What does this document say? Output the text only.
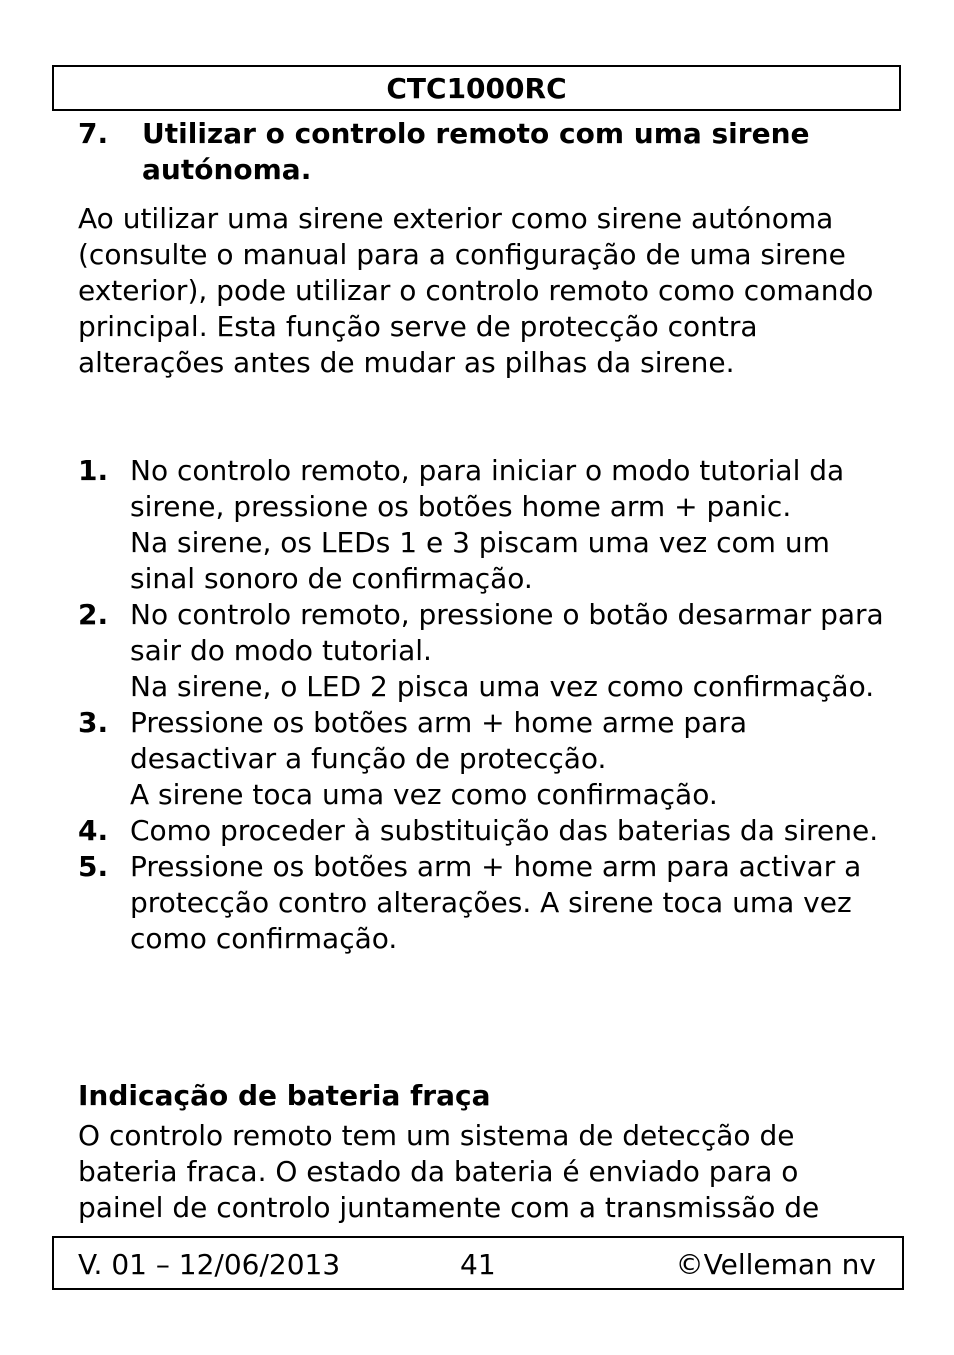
CTC1000RC
7. Utilizar o controlo remoto com uma sirene autónoma.

Ao utilizar uma sirene exterior como sirene autónoma (consulte o manual para a configuração de uma sirene exterior), pode utilizar o controlo remoto como comando principal. Esta função serve de protecção contra alterações antes de mudar as pilhas da sirene.

1. No controlo remoto, para iniciar o modo tutorial da sirene, pressione os botões home arm + panic.
Na sirene, os LEDs 1 e 3 piscam uma vez com um sinal sonoro de confirmação.
2. No controlo remoto, pressione o botão desarmar para sair do modo tutorial.
Na sirene, o LED 2 pisca uma vez como confirmação.
3. Pressione os botões arm + home arme para desactivar a função de protecção.
A sirene toca uma vez como confirmação.
4. Como proceder à substituição das baterias da sirene.
5. Pressione os botões arm + home arm para activar a protecção contro alterações. A sirene toca uma vez como confirmação.
Indicação de bateria fraça

O controlo remoto tem um sistema de detecção de bateria fraca. O estado da bateria é enviado para o painel de controlo juntamente com a transmissão de

V. 01 – 12/06/2013	41	©Velleman nv
